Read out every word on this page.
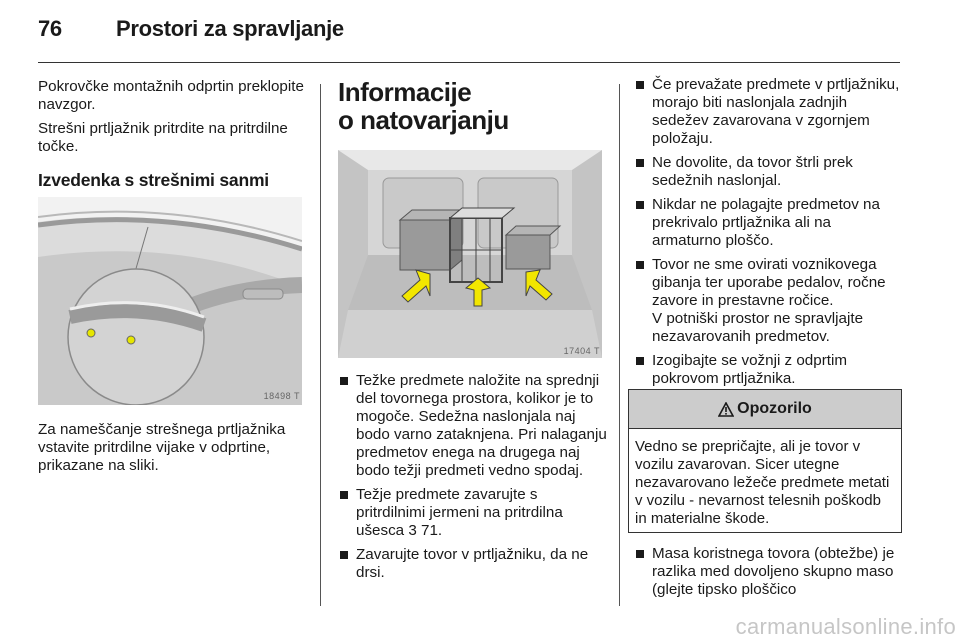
76 Prostori za spravljanje

Pokrovčke montažnih odprtin preklopite navzgor.

Strešni prtljažnik pritrdite na pritrdilne točke.

Izvedenka s strešnimi sanmi
18498 T

Za nameščanje strešnega prtljažnika vstavite pritrdilne vijake v odprtine, prikazane na sliki.

Informacije
o natovarjanju
17404 T
Težke predmete naložite na sprednji del tovornega prostora, kolikor je to mogoče. Sedežna naslonjala naj bodo varno zataknjena. Pri nalaganju predmetov enega na drugega naj bodo težji predmeti vedno spodaj.
Težje predmete zavarujte s pritrdilnimi jermeni na pritrdilna ušesca 3 71.
Zavarujte tovor v prtljažniku, da ne drsi.
Če prevažate predmete v prtljažniku, morajo biti naslonjala zadnjih sedežev zavarovana v zgornjem položaju.
Ne dovolite, da tovor štrli prek sedežnih naslonjal.
Nikdar ne polagajte predmetov na prekrivalo prtljažnika ali na armaturno ploščo.
Tovor ne sme ovirati voznikovega gibanja ter uporabe pedalov, ročne zavore in prestavne ročice.
V potniški prostor ne spravljajte nezavarovanih predmetov.
Izogibajte se vožnji z odprtim pokrovom prtljažnika.
Opozorilo
Vedno se prepričajte, ali je tovor v vozilu zavarovan. Sicer utegne nezavarovano ležeče predmete metati v vozilu - nevarnost telesnih poškodb in materialne škode.
Masa koristnega tovora (obtežbe) je razlika med dovoljeno skupno maso (glejte tipsko ploščico
carmanualsonline.info
